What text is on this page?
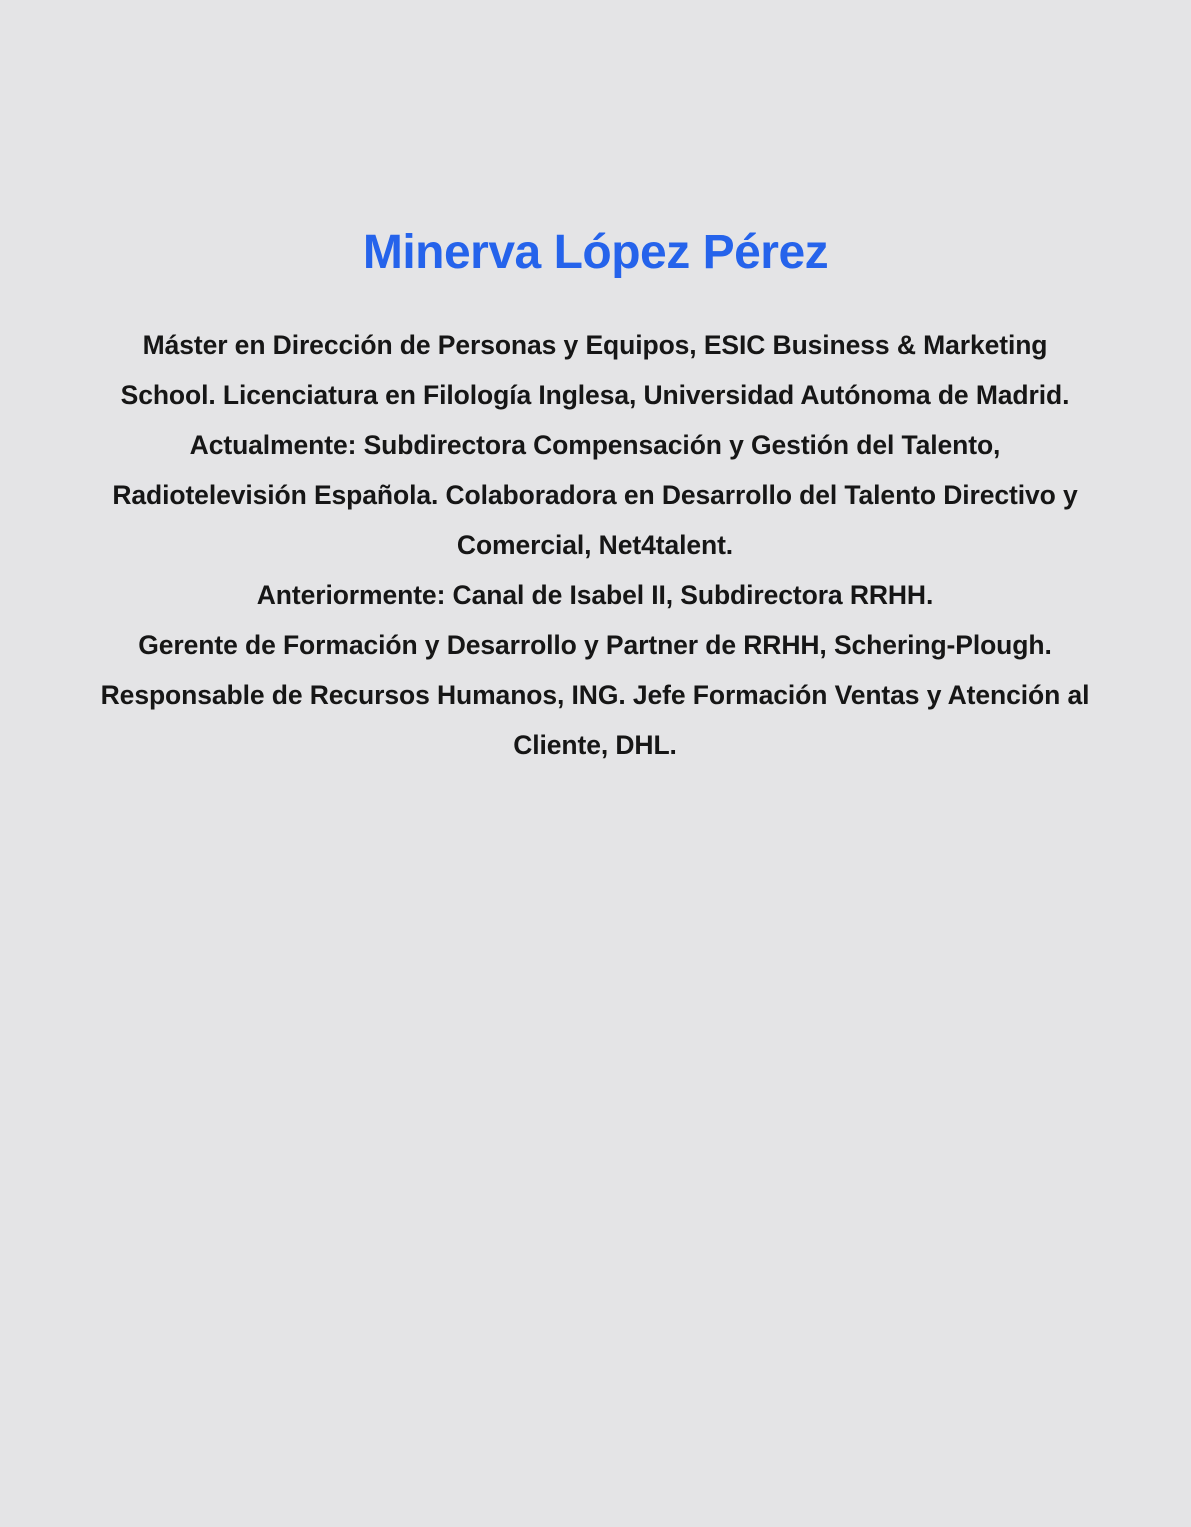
Minerva López Pérez

Máster en Dirección de Personas y Equipos, ESIC Business & Marketing School. Licenciatura en Filología Inglesa, Universidad Autónoma de Madrid. Actualmente: Subdirectora Compensación y Gestión del Talento, Radiotelevisión Española. Colaboradora en Desarrollo del Talento Directivo y Comercial, Net4talent.

Anteriormente: Canal de Isabel II, Subdirectora RRHH.

Gerente de Formación y Desarrollo y Partner de RRHH, Schering-Plough.

Responsable de Recursos Humanos, ING. Jefe Formación Ventas y Atención al Cliente, DHL.
